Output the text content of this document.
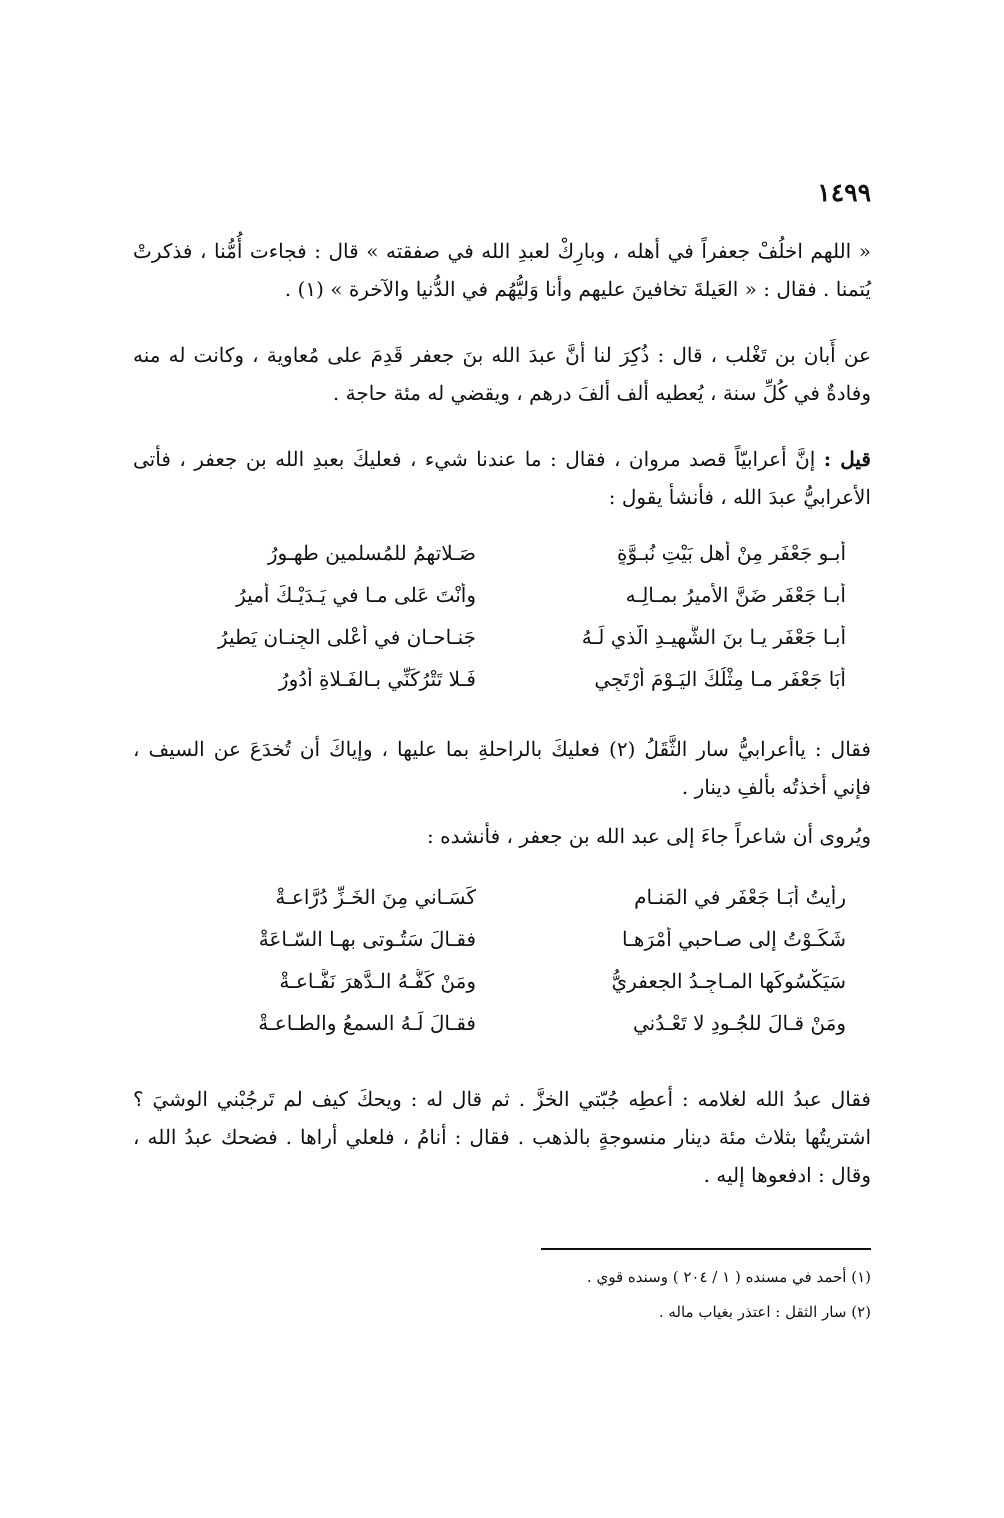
١٤٩٩

« اللهم اخلُفْ جعفراً في أهله ، وبارِكْ لعبدِ الله في صفقته » قال : فجاءت أُمُّنا ، فذكرتْ يُتمنا . فقال : « العَيلةَ تخافينَ عليهم وأنا وَليُّهُم في الدُّنيا والآخرة » (١) .

عن أَبان بن تَغْلب ، قال : ذُكِرَ لنا أنَّ عبدَ الله بنَ جعفر قَدِمَ على مُعاوية ، وكانت له منه وفادةٌ في كُلِّ سنة ، يُعطيه ألف ألفَ درهم ، ويقضي له مئة حاجة .

قيل : إنَّ أعرابيّاً قصد مروان ، فقال : ما عندنا شيء ، فعليكَ بعبدِ الله بن جعفر ، فأتى الأعرابيُّ عبدَ الله ، فأنشأ يقول :

أبـو جَعْفَرٍ مِنْ أهلِ بَيْتِ نُبـوَّةٍ
صَـلاتهمُ للمُسلمين طهـورُ
أبـا جَعْفَرٍ ضَنَّ الأميرُ بمـالِـه
وأنْتَ عَلى مـا في يَـدَيْـكَ أميرُ
أبـا جَعْفَرٍ يـا بنَ الشَّهيـدِ الَّذي لَـهُ
جَنـاحـانِ في أعْلى الجِنـانِ يَطيرُ
أبَا جَعْفَرٍ مـا مِثْلُكَ اليَـوْمَ أرْتَجِي
فَـلا تَتْرُكَنِّي بـالفَـلاةِ أدُورُ

فقال : ياأعرابيُّ سار الثَّقَلُ (٢) فعليكَ بالراحلةِ بما عليها ، وإياكَ أن تُخدَعَ عن السيف ، فإني أخذتُه بألفِ دينار .

ويُروى أن شاعراً جاءَ إلى عبد الله بن جعفر ، فأنشده :

رأيتُ أبَـا جَعْفَرٍ في المَنـام
كَسَـاني مِنَ الخَـزِّ دُرَّاعـةْ
شَكَـوْتُ إلى صـاحبي أمْرَهـا
فقـالَ سَتُـوتى بهـا السّـاعَةْ
سَيَكْسُوكَها المـاجِـدُ الجعفريُّ
ومَنْ كَفُّـهُ الـدَّهرَ نَفَّـاعـةْ
ومَنْ قـالَ للجُـودِ لا تَعْـدُني
فقـالَ لَـهُ السمعُ والطـاعـةْ

فقال عبدُ الله لغلامه : أعطِه جُبّتي الخزَّ . ثم قال له : ويحكَ كيف لم تَرجُبْني الوشيَ ؟ اشتريتُها بثلاث مئة دينار منسوجةٍ بالذهب . فقال : أنامُ ، فلعلي أراها . فضحك عبدُ الله ، وقال : ادفعوها إليه .

(١) أحمد في مسنده ( ١ / ٢٠٤ ) وسنده قوي .
(٢) سار الثقل : اعتذر بغياب ماله .
